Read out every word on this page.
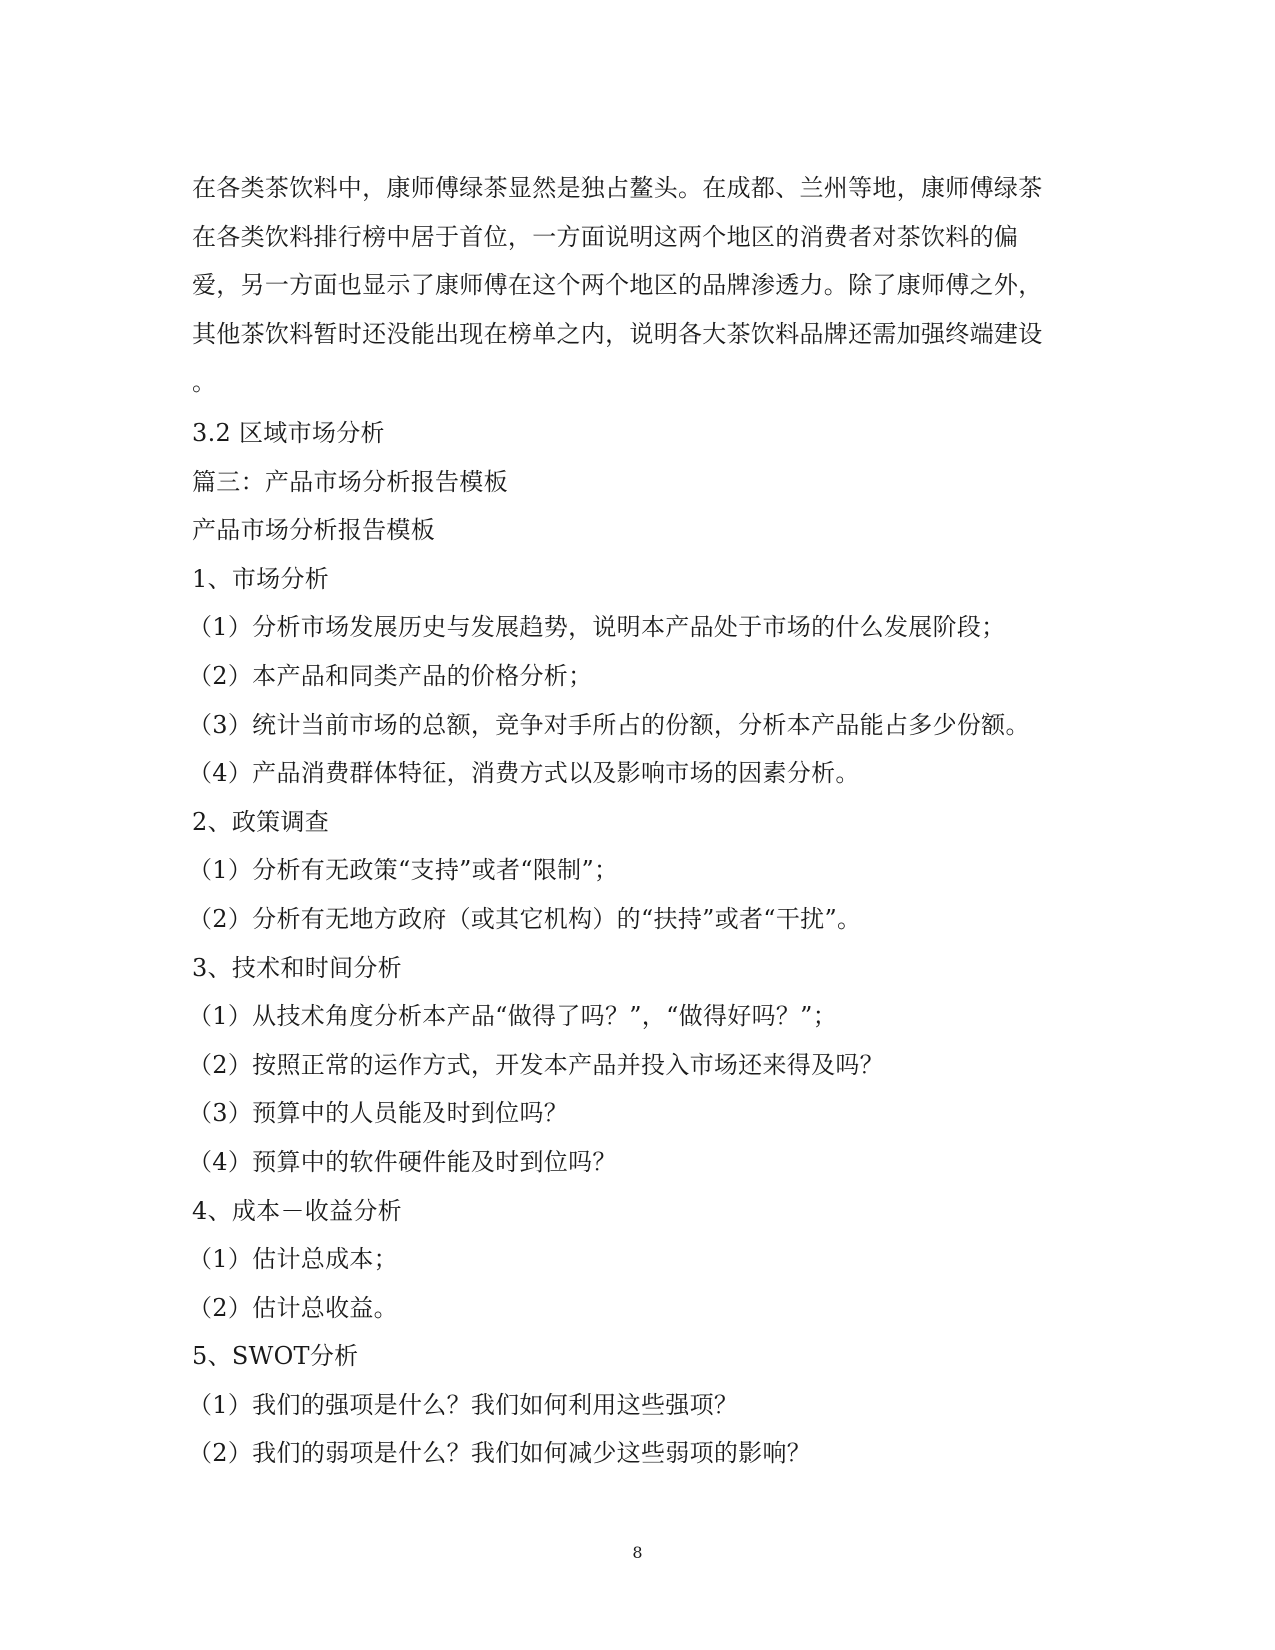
在各类茶饮料中，康师傅绿茶显然是独占鳌头。在成都、兰州等地，康师傅绿茶
在各类饮料排行榜中居于首位，一方面说明这两个地区的消费者对茶饮料的偏
爱，另一方面也显示了康师傅在这个两个地区的品牌渗透力。除了康师傅之外，
其他茶饮料暂时还没能出现在榜单之内，说明各大茶饮料品牌还需加强终端建设
。

3.2 区域市场分析
篇三：产品市场分析报告模板
产品市场分析报告模板
1、市场分析
（1）分析市场发展历史与发展趋势，说明本产品处于市场的什么发展阶段；
（2）本产品和同类产品的价格分析；
（3）统计当前市场的总额，竞争对手所占的份额，分析本产品能占多少份额。
（4）产品消费群体特征，消费方式以及影响市场的因素分析。
2、政策调查
（1）分析有无政策“支持”或者“限制”；
（2）分析有无地方政府（或其它机构）的“扶持”或者“干扰”。
3、技术和时间分析
（1）从技术角度分析本产品“做得了吗？”，“做得好吗？”；
（2）按照正常的运作方式，开发本产品并投入市场还来得及吗？
（3）预算中的人员能及时到位吗？
（4）预算中的软件硬件能及时到位吗？
4、成本－收益分析
（1）估计总成本；
（2）估计总收益。
5、SWOT分析
（1）我们的强项是什么？我们如何利用这些强项？
（2）我们的弱项是什么？我们如何减少这些弱项的影响？
8
